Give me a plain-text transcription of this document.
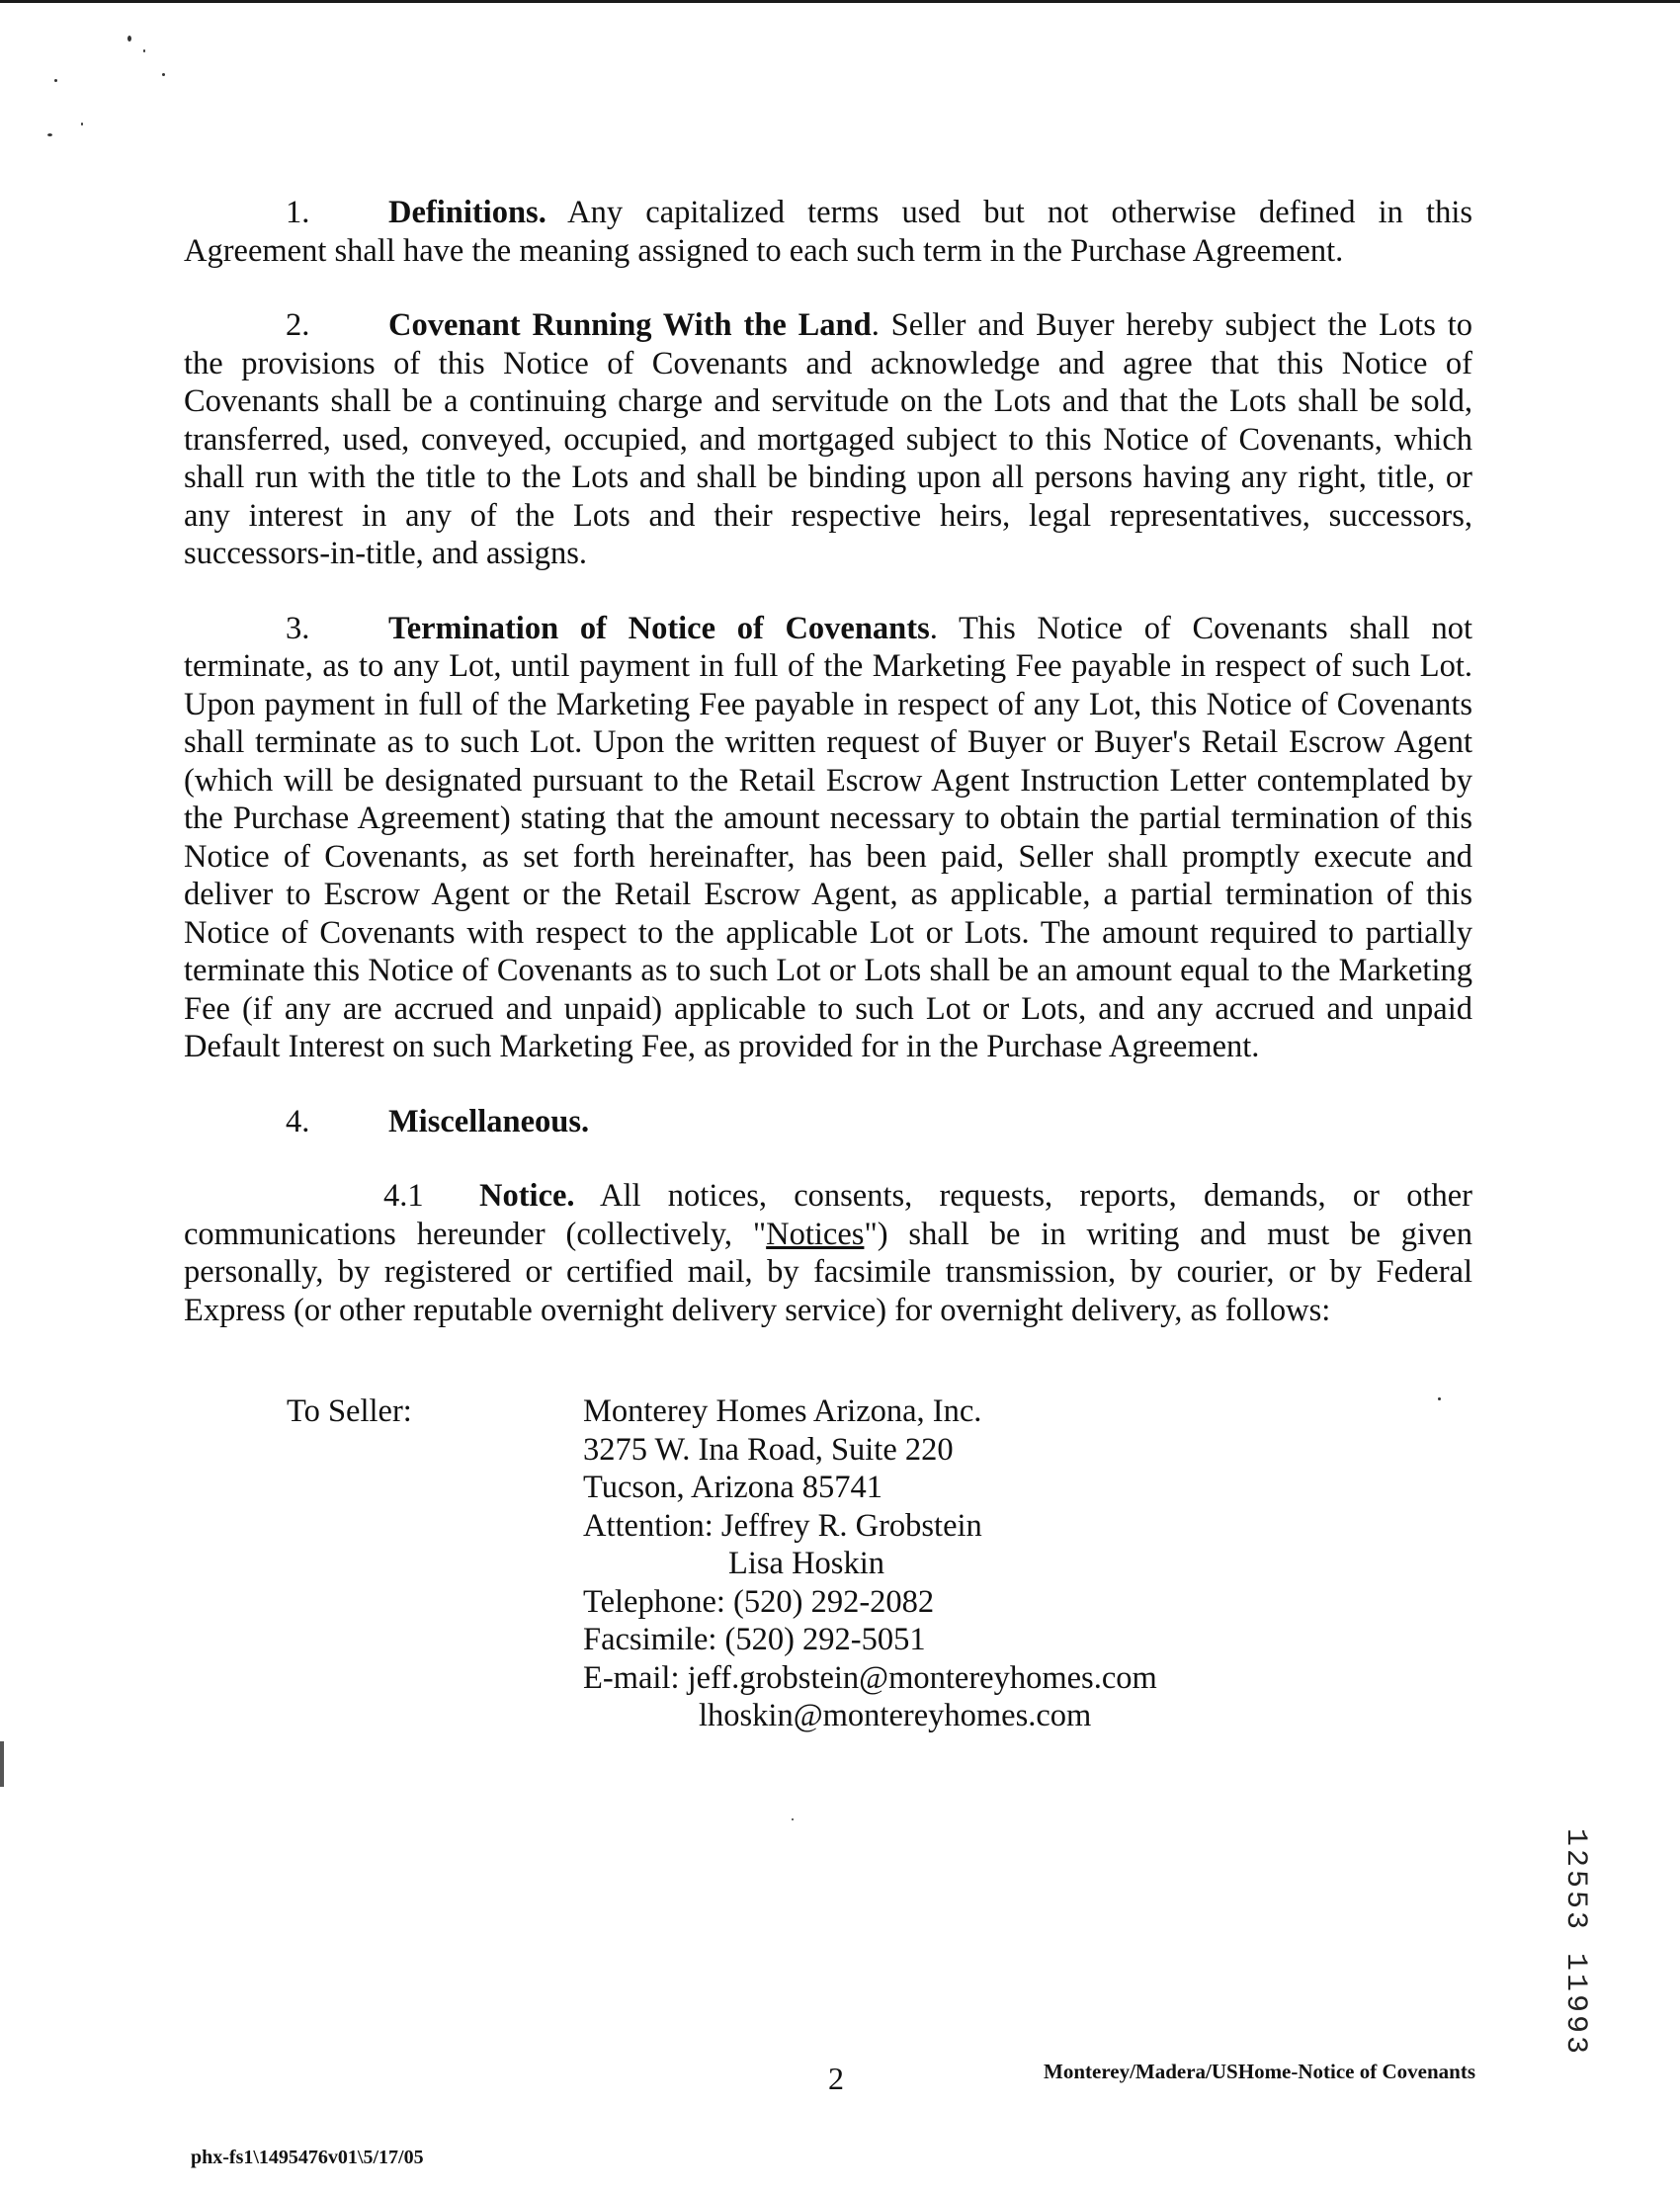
1. Definitions. Any capitalized terms used but not otherwise defined in this Agreement shall have the meaning assigned to each such term in the Purchase Agreement.

2. Covenant Running With the Land. Seller and Buyer hereby subject the Lots to the provisions of this Notice of Covenants and acknowledge and agree that this Notice of Covenants shall be a continuing charge and servitude on the Lots and that the Lots shall be sold, transferred, used, conveyed, occupied, and mortgaged subject to this Notice of Covenants, which shall run with the title to the Lots and shall be binding upon all persons having any right, title, or any interest in any of the Lots and their respective heirs, legal representatives, successors, successors-in-title, and assigns.

3. Termination of Notice of Covenants. This Notice of Covenants shall not terminate, as to any Lot, until payment in full of the Marketing Fee payable in respect of such Lot. Upon payment in full of the Marketing Fee payable in respect of any Lot, this Notice of Covenants shall terminate as to such Lot. Upon the written request of Buyer or Buyer's Retail Escrow Agent (which will be designated pursuant to the Retail Escrow Agent Instruction Letter contemplated by the Purchase Agreement) stating that the amount necessary to obtain the partial termination of this Notice of Covenants, as set forth hereinafter, has been paid, Seller shall promptly execute and deliver to Escrow Agent or the Retail Escrow Agent, as applicable, a partial termination of this Notice of Covenants with respect to the applicable Lot or Lots. The amount required to partially terminate this Notice of Covenants as to such Lot or Lots shall be an amount equal to the Marketing Fee (if any are accrued and unpaid) applicable to such Lot or Lots, and any accrued and unpaid Default Interest on such Marketing Fee, as provided for in the Purchase Agreement.

4. Miscellaneous.

4.1 Notice. All notices, consents, requests, reports, demands, or other communications hereunder (collectively, "Notices") shall be in writing and must be given personally, by registered or certified mail, by facsimile transmission, by courier, or by Federal Express (or other reputable overnight delivery service) for overnight delivery, as follows:

To Seller:	Monterey Homes Arizona, Inc.
3275 W. Ina Road, Suite 220
Tucson, Arizona 85741
Attention: Jeffrey R. Grobstein
Lisa Hoskin
Telephone: (520) 292-2082
Facsimile: (520) 292-5051
E-mail: jeff.grobstein@montereyhomes.com
lhoskin@montereyhomes.com
12553 11993
2	Monterey/Madera/USHome-Notice of Covenants
phx-fs1\1495476v01\5/17/05
